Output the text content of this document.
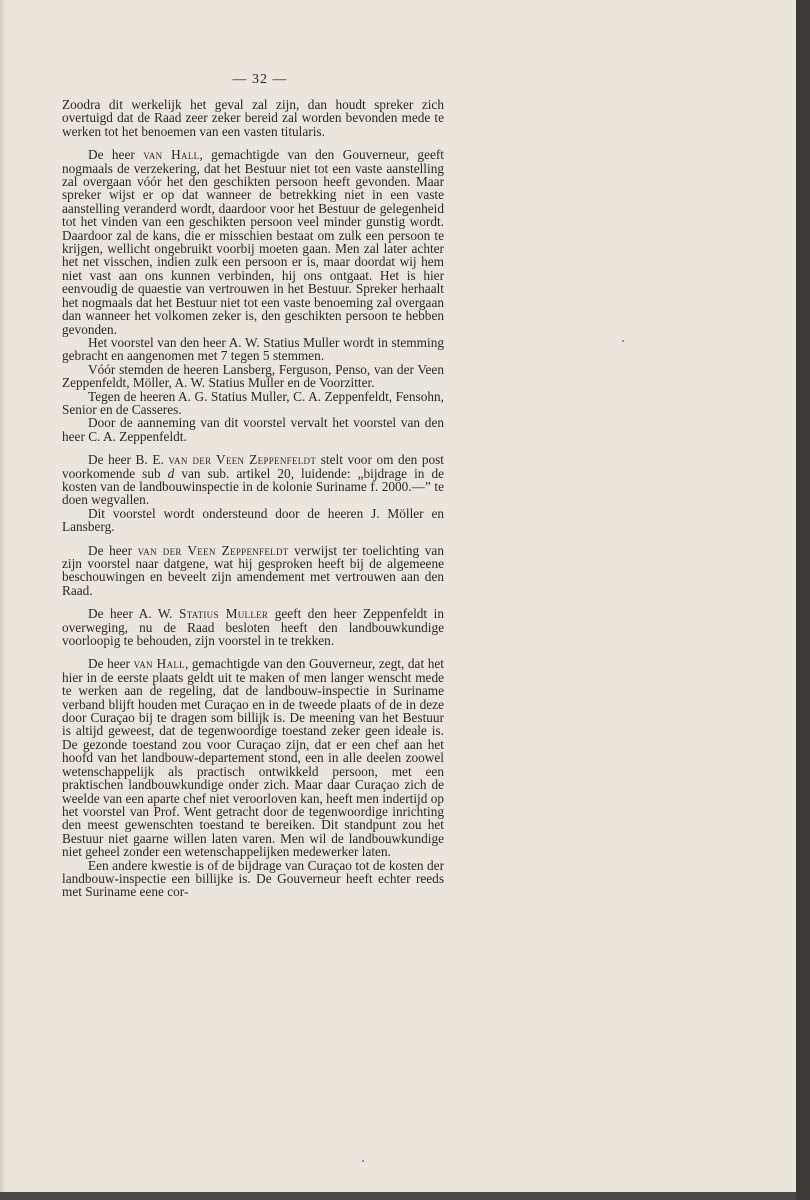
— 32 —

Zoodra dit werkelijk het geval zal zijn, dan houdt spreker zich overtuigd dat de Raad zeer zeker bereid zal worden bevonden mede te werken tot het benoemen van een vasten titularis.

De heer van Hall, gemachtigde van den Gouverneur, geeft nogmaals de verzekering, dat het Bestuur niet tot een vaste aanstelling zal overgaan vóór het den geschikten persoon heeft gevonden. Maar spreker wijst er op dat wanneer de betrekking niet in een vaste aanstelling veranderd wordt, daardoor voor het Bestuur de gelegenheid tot het vinden van een geschikten persoon veel minder gunstig wordt. Daardoor zal de kans, die er misschien bestaat om zulk een persoon te krijgen, wellicht ongebruikt voorbij moeten gaan. Men zal later achter het net visschen, indien zulk een persoon er is, maar doordat wij hem niet vast aan ons kunnen verbinden, hij ons ontgaat. Het is hier eenvoudig de quaestie van vertrouwen in het Bestuur. Spreker herhaalt het nogmaals dat het Bestuur niet tot een vaste benoeming zal overgaan dan wanneer het volkomen zeker is, den geschikten persoon te hebben gevonden.

Het voorstel van den heer A. W. Statius Muller wordt in stemming gebracht en aangenomen met 7 tegen 5 stemmen.

Vóór stemden de heeren Lansberg, Ferguson, Penso, van der Veen Zeppenfeldt, Möller, A. W. Statius Muller en de Voorzitter.

Tegen de heeren A. G. Statius Muller, C. A. Zeppenfeldt, Fensohn, Senior en de Casseres.

Door de aanneming van dit voorstel vervalt het voorstel van den heer C. A. Zeppenfeldt.

De heer B. E. van der Veen Zeppenfeldt stelt voor om den post voorkomende sub d van sub. artikel 20, luidende: „bijdrage in de kosten van de landbouwinspectie in de kolonie Suriname f. 2000.—” te doen wegvallen.

Dit voorstel wordt ondersteund door de heeren J. Möller en Lansberg.

De heer van der Veen Zeppenfeldt verwijst ter toelichting van zijn voorstel naar datgene, wat hij gesproken heeft bij de algemeene beschouwingen en beveelt zijn amendement met vertrouwen aan den Raad.

De heer A. W. Statius Muller geeft den heer Zeppenfeldt in overweging, nu de Raad besloten heeft den landbouwkundige voorloopig te behouden, zijn voorstel in te trekken.

De heer van Hall, gemachtigde van den Gouverneur, zegt, dat het hier in de eerste plaats geldt uit te maken of men langer wenscht mede te werken aan de regeling, dat de landbouw-inspectie in Suriname verband blijft houden met Curaçao en in de tweede plaats of de in deze door Curaçao bij te dragen som billijk is. De meening van het Bestuur is altijd geweest, dat de tegenwoordige toestand zeker geen ideale is. De gezonde toestand zou voor Curaçao zijn, dat er een chef aan het hoofd van het landbouw-departement stond, een in alle deelen zoowel wetenschappelijk als practisch ontwikkeld persoon, met een praktischen landbouwkundige onder zich. Maar daar Curaçao zich de weelde van een aparte chef niet veroorloven kan, heeft men indertijd op het voorstel van Prof. Went getracht door de tegenwoordige inrichting den meest gewenschten toestand te bereiken. Dit standpunt zou het Bestuur niet gaarne willen laten varen. Men wil de landbouwkundige niet geheel zonder een wetenschappelijken medewerker laten.

Een andere kwestie is of de bijdrage van Curaçao tot de kosten der landbouw-inspectie een billijke is. De Gouverneur heeft echter reeds met Suriname eene cor-
